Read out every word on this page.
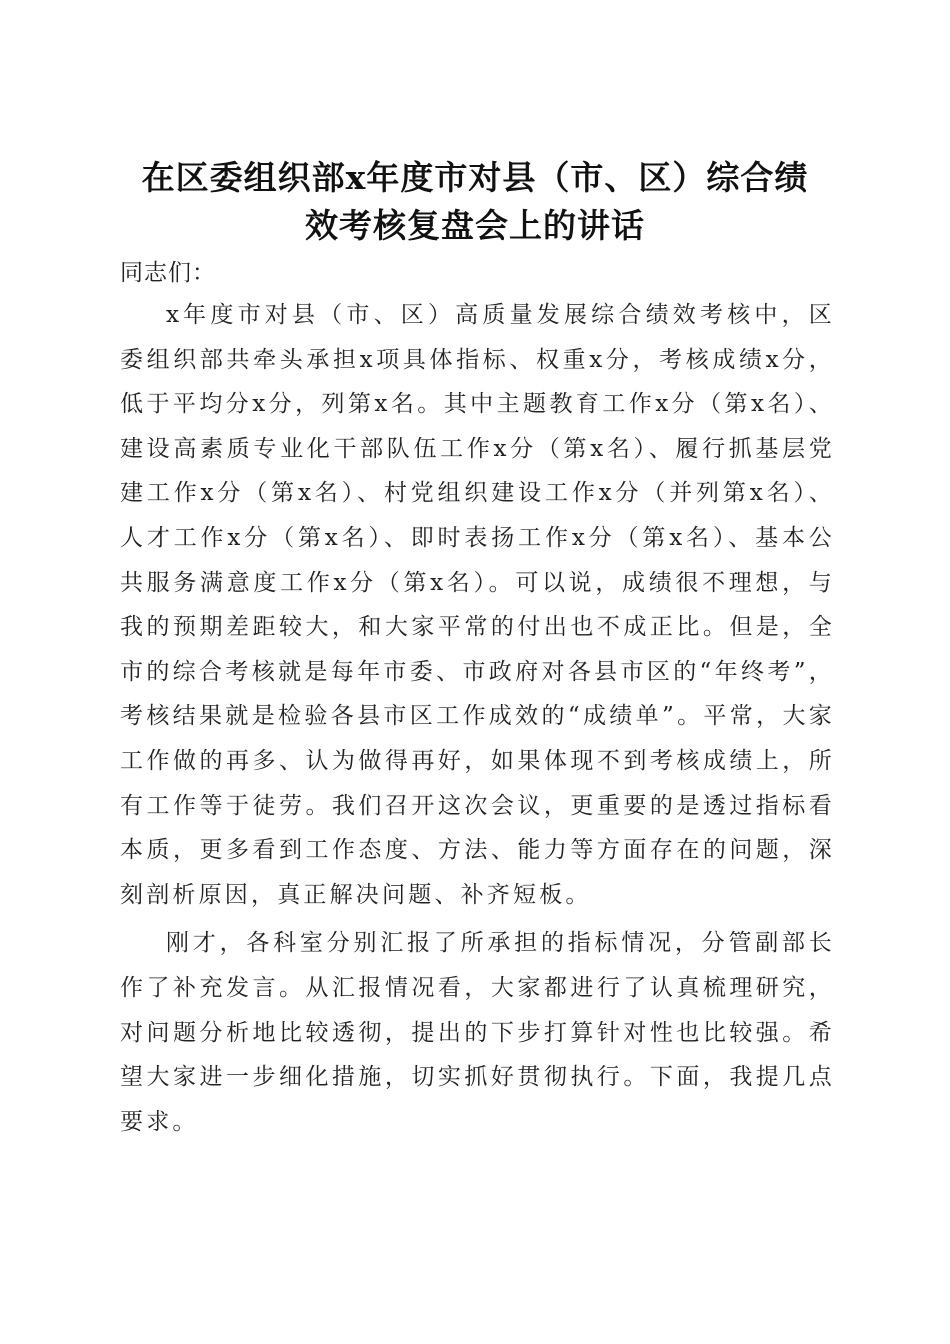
在区委组织部x年度市对县（市、区）综合绩
效考核复盘会上的讲话

同志们：

x年度市对县（市、区）高质量发展综合绩效考核中，区委组织部共牵头承担x项具体指标、权重x分，考核成绩x分，低于平均分x分，列第x名。其中主题教育工作x分（第x名）、建设高素质专业化干部队伍工作x分（第x名）、履行抓基层党建工作x分（第x名）、村党组织建设工作x分（并列第x名）、人才工作x分（第x名）、即时表扬工作x分（第x名）、基本公共服务满意度工作x分（第x名）。可以说，成绩很不理想，与我的预期差距较大，和大家平常的付出也不成正比。但是，全市的综合考核就是每年市委、市政府对各县市区的“年终考”，考核结果就是检验各县市区工作成效的“成绩单”。平常，大家工作做的再多、认为做得再好，如果体现不到考核成绩上，所有工作等于徒劳。我们召开这次会议，更重要的是透过指标看本质，更多看到工作态度、方法、能力等方面存在的问题，深刻剖析原因，真正解决问题、补齐短板。

刚才，各科室分别汇报了所承担的指标情况，分管副部长作了补充发言。从汇报情况看，大家都进行了认真梳理研究，对问题分析地比较透彻，提出的下步打算针对性也比较强。希望大家进一步细化措施，切实抓好贯彻执行。下面，我提几点要求。
